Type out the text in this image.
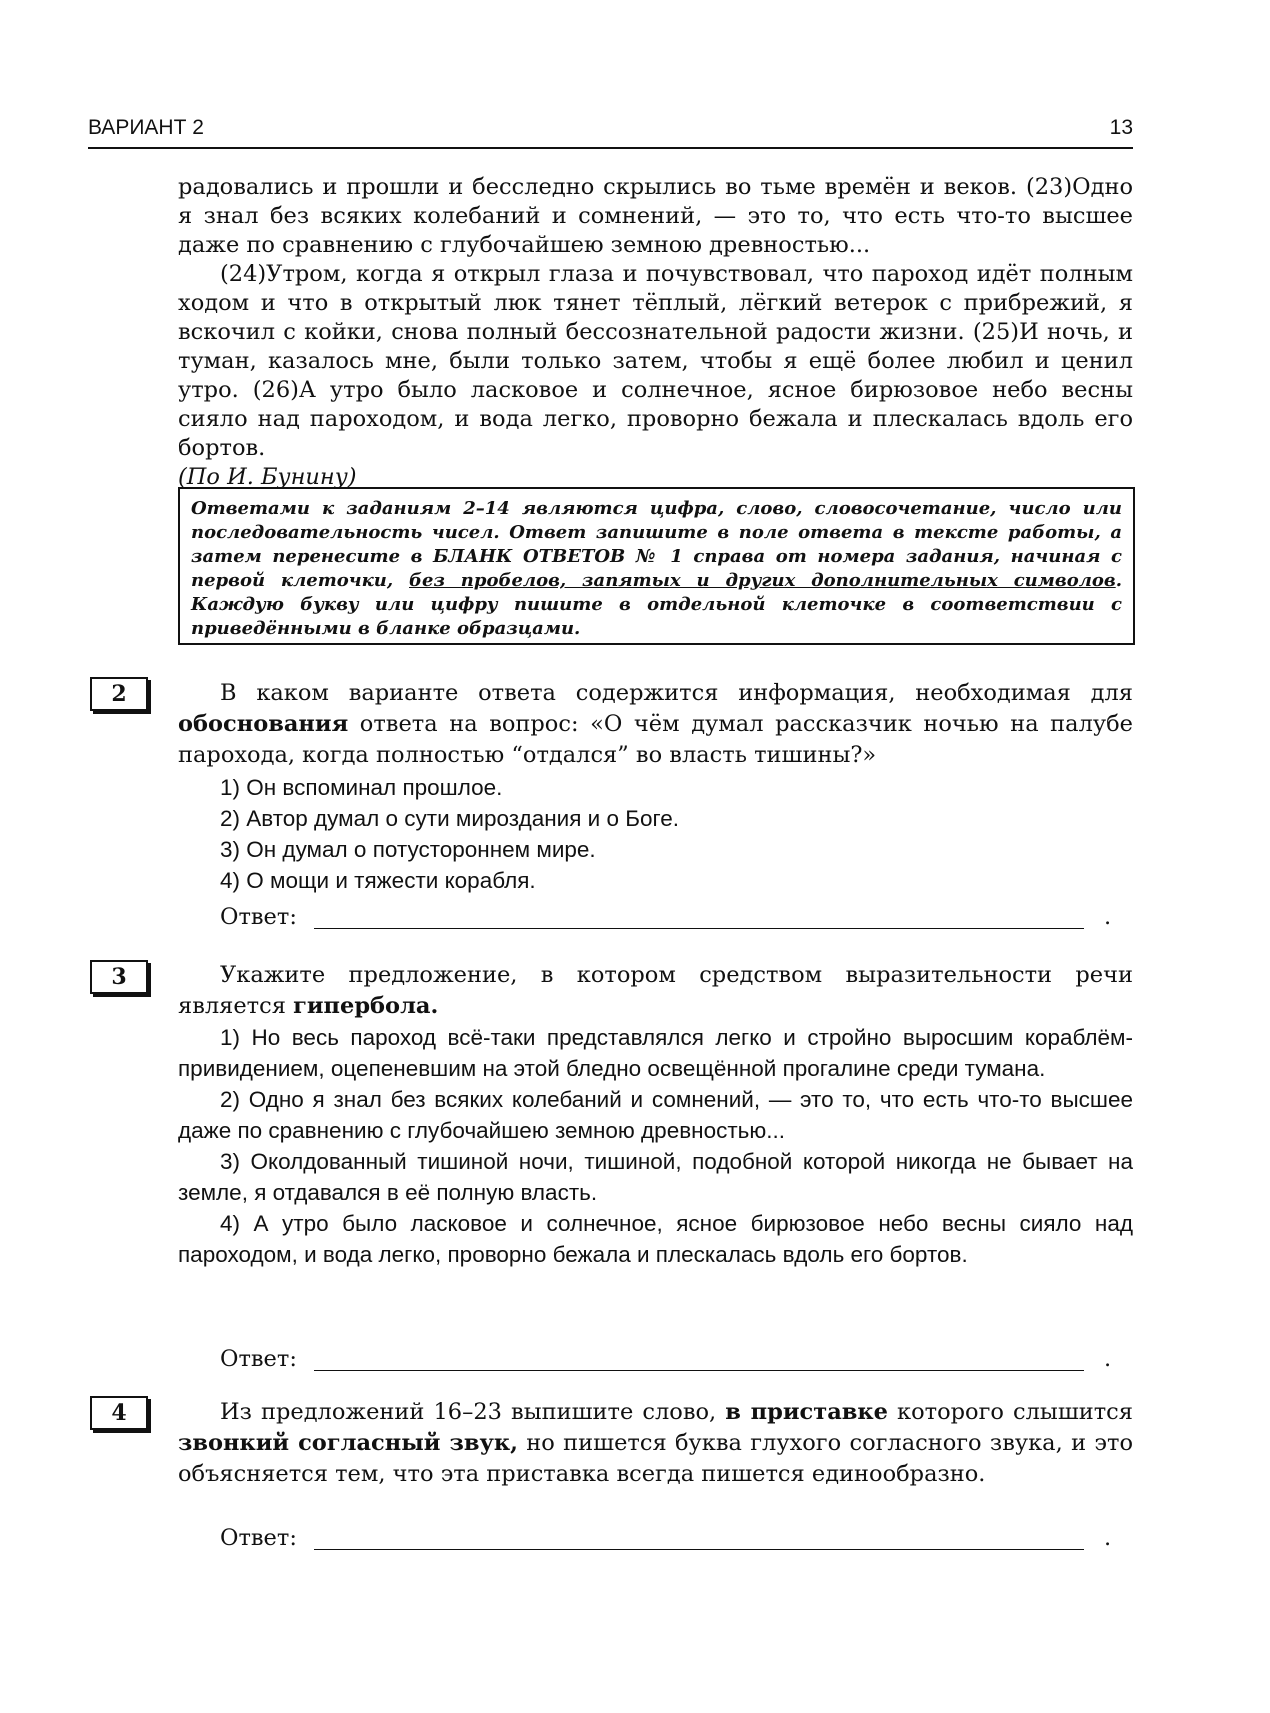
ВАРИАНТ 2	13

радовались и прошли и бесследно скрылись во тьме времён и веков. (23)Одно я знал без всяких колебаний и сомнений, — это то, что есть что-то высшее даже по сравнению с глубочайшею земною древностью...

(24)Утром, когда я открыл глаза и почувствовал, что пароход идёт полным ходом и что в открытый люк тянет тёплый, лёгкий ветерок с прибрежий, я вскочил с койки, снова полный бессознательной радости жизни. (25)И ночь, и туман, казалось мне, были только затем, чтобы я ещё более любил и ценил утро. (26)А утро было ласковое и солнечное, ясное бирюзовое небо весны сияло над пароходом, и вода легко, проворно бежала и плескалась вдоль его бортов.

(По И. Бунину)

Ответами к заданиям 2–14 являются цифра, слово, словосочетание, число или последовательность чисел. Ответ запишите в поле ответа в тексте работы, а затем перенесите в БЛАНК ОТВЕТОВ № 1 справа от номера задания, начиная с первой клеточки, без пробелов, запятых и других дополнительных символов. Каждую букву или цифру пишите в отдельной клеточке в соответствии с приведёнными в бланке образцами.
2	В каком варианте ответа содержится информация, необходимая для обоснования ответа на вопрос: «О чём думал рассказчик ночью на палубе парохода, когда полностью “отдался” во власть тишины?»

1) Он вспоминал прошлое.

2) Автор думал о сути мироздания и о Боге.

3) Он думал о потустороннем мире.

4) О мощи и тяжести корабля.

Ответ:	.
3	Укажите предложение, в котором средством выразительности речи является гипербола.

1) Но весь пароход всё-таки представлялся легко и стройно выросшим кораблём-привидением, оцепеневшим на этой бледно освещённой прогалине среди тумана.

2) Одно я знал без всяких колебаний и сомнений, — это то, что есть что-то высшее даже по сравнению с глубочайшею земною древностью...

3) Околдованный тишиной ночи, тишиной, подобной которой никогда не бывает на земле, я отдавался в её полную власть.

4) А утро было ласковое и солнечное, ясное бирюзовое небо весны сияло над пароходом, и вода легко, проворно бежала и плескалась вдоль его бортов.

Ответ:	.
4	Из предложений 16–23 выпишите слово, в приставке которого слышится звонкий согласный звук, но пишется буква глухого согласного звука, и это объясняется тем, что эта приставка всегда пишется единообразно.

Ответ:	.
